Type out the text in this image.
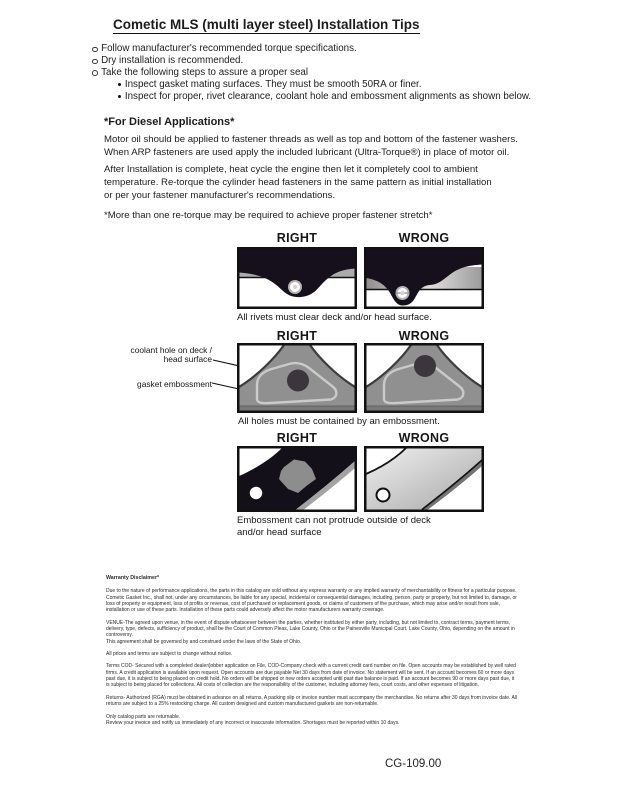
Cometic MLS (multi layer steel) Installation Tips
Follow manufacturer's recommended torque specifications.
Dry installation is recommended.
Take the following steps to assure a proper seal
Inspect gasket mating surfaces. They must be smooth 50RA or finer.
Inspect for proper, rivet clearance, coolant hole and embossment alignments as shown below.
*For Diesel Applications*
Motor oil should be applied to fastener threads as well as top and bottom of the fastener washers.
When ARP fasteners are used apply the included lubricant (Ultra-Torque®) in place of motor oil.
After Installation is complete, heat cycle the engine then let it completely cool to ambient
temperature. Re-torque the cylinder head fasteners in the same pattern as initial installation
or per your fastener manufacturer's recommendations.
*More than one re-torque may be required to achieve proper fastener stretch*
RIGHT	WRONG
All rivets must clear deck and/or head surface.
RIGHT	WRONG
coolant hole on deck / head surface
gasket embossment
All holes must be contained by an embossment.
RIGHT	WRONG
Embossment can not protrude outside of deck and/or head surface

Warranty Disclaimer*

Due to the nature of performance applications, the parts in this catalog are sold without any express warranty or any implied warranty of merchantability or fitness for a particular purpose. Cometic Gasket Inc., shall not, under any circumstances, be liable for any special, incidental or consequential damages, including, person, party or property, but not limited to, damage, or loss of property or equipment, loss of profits or revenue, cost of purchased or replacement goods, or claims of customers of the purchase, which may arise and/or result from sale, installation or use of these parts. Installation of these parts could adversely affect the motor manufacturers warranty coverage.

VENUE-The agreed upon venue, in the event of dispute whatsoever between the parties, whether instituted by either party, including, but not limited to, contract terms, payment terms, delivery, type, defects, sufficiency of product, shall be the Court of Common Pleas, Lake County, Ohio or the Painesville Municipal Court, Lake County, Ohio, depending on the amount in controversy.

This agreement shall be governed by and construed under the laws of the State of Ohio.

All prices and terms are subject to change without notice.

Terms COD- Secured with a completed dealer/jobber application on File, COD-Company check with a current credit card number on file. Open accounts may be established by well rated firms. A credit application is available upon request. Open accounts are due payable Net 30 days from date of invoice. No statement will be sent. If an account becomes 60 or more days past due, it is subject to being placed on credit hold. No orders will be shipped or new orders accepted until past due balance is paid. If an account becomes 90 or more days past due, it is subject to being placed for collections. All costs of collection are the responsibility of the customer, including attorney fees, court costs, and other expenses of litigation.

Returns- Authorized (RGA) must be obtained in advance on all returns. A packing slip or invoice number must accompany the merchandise. No returns after 30 days from invoice date. All returns are subject to a 25% restocking charge. All custom designed and custom manufactured gaskets are non-returnable.

Only catalog parts are returnable.

Review your invoice and notify us immediately of any incorrect or inaccurate information. Shortages must be reported within 10 days.

CG-109.00
